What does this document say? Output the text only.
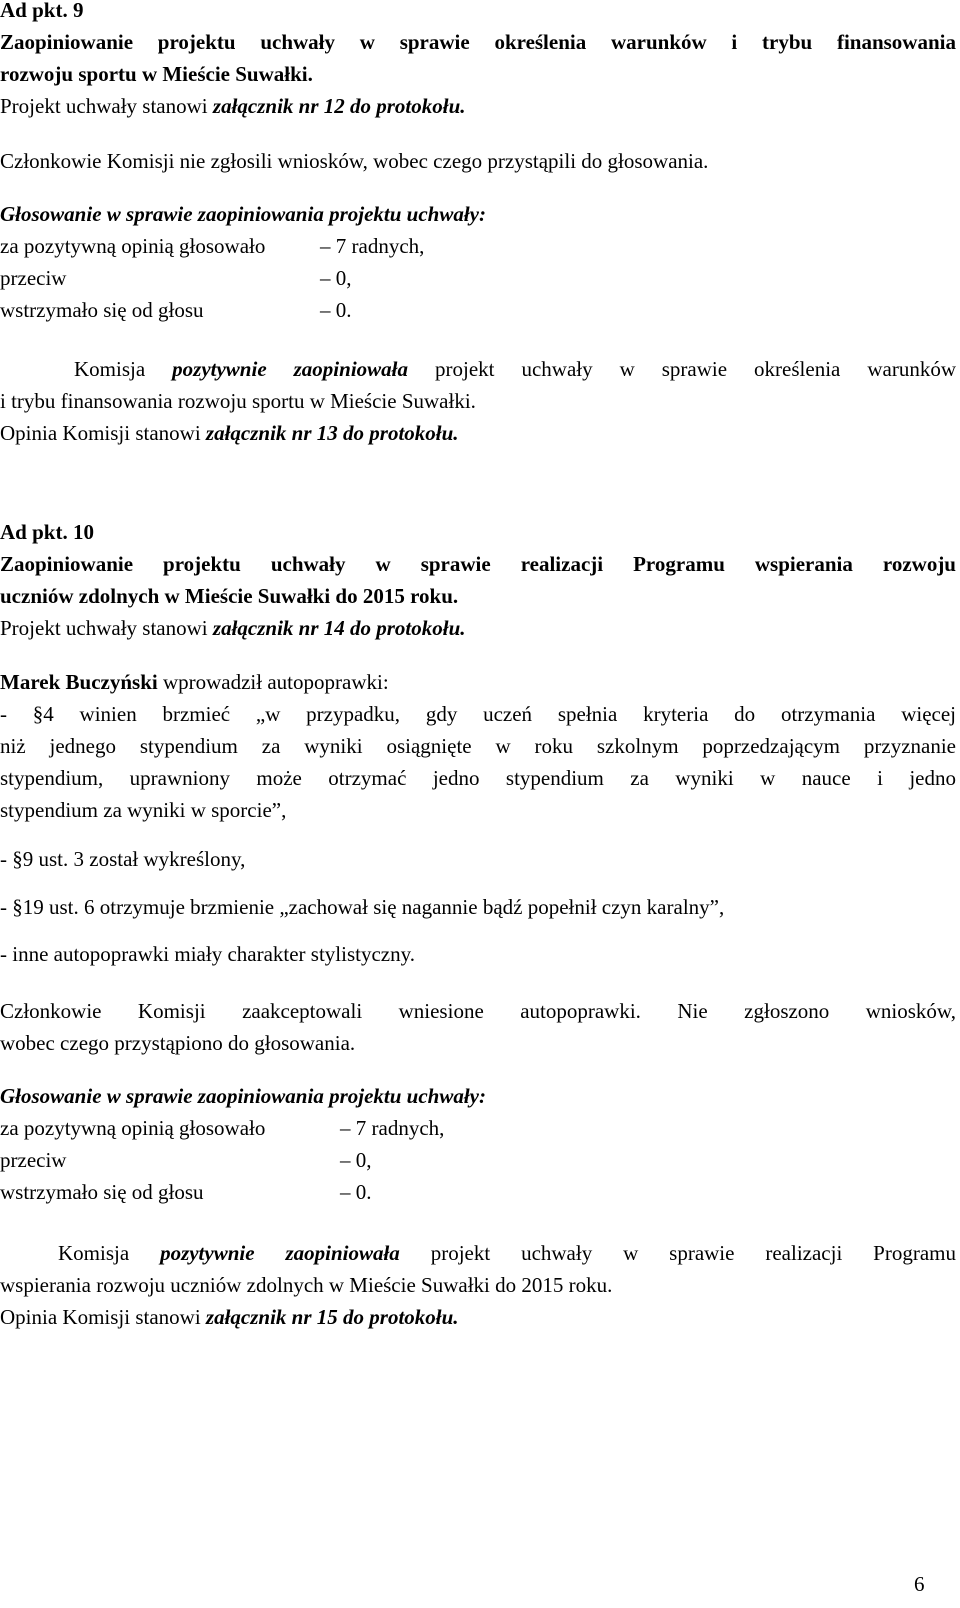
Ad pkt. 9
Zaopiniowanie projektu uchwały w sprawie określenia warunków i trybu finansowania
rozwoju sportu w Mieście Suwałki.
Projekt uchwały stanowi załącznik nr 12 do protokołu.
Członkowie Komisji nie zgłosili wniosków, wobec czego przystąpili do głosowania.
Głosowanie w sprawie zaopiniowania projektu uchwały:
za pozytywną opinią głosowało	– 7 radnych,
przeciw	– 0,
wstrzymało się od głosu	– 0.
Komisja pozytywnie zaopiniowała projekt uchwały w sprawie określenia warunków
i trybu finansowania rozwoju sportu w Mieście Suwałki.
Opinia Komisji stanowi załącznik nr 13 do protokołu.
Ad pkt. 10
Zaopiniowanie projektu uchwały w sprawie realizacji Programu wspierania rozwoju
uczniów zdolnych w Mieście Suwałki do 2015 roku.
Projekt uchwały stanowi załącznik nr 14 do protokołu.
Marek Buczyński wprowadził autopoprawki:
- §4 winien brzmieć „w przypadku, gdy uczeń spełnia kryteria do otrzymania więcej
niż jednego stypendium za wyniki osiągnięte w roku szkolnym poprzedzającym przyznanie
stypendium, uprawniony może otrzymać jedno stypendium za wyniki w nauce i jedno
stypendium za wyniki w sporcie”,
- §9 ust. 3 został wykreślony,
- §19 ust. 6 otrzymuje brzmienie „zachował się nagannie bądź popełnił czyn karalny”,
- inne autopoprawki miały charakter stylistyczny.
Członkowie Komisji zaakceptowali wniesione autopoprawki. Nie zgłoszono wniosków,
wobec czego przystąpiono do głosowania.
Głosowanie w sprawie zaopiniowania projektu uchwały:
za pozytywną opinią głosowało	– 7 radnych,
przeciw	– 0,
wstrzymało się od głosu	– 0.
Komisja pozytywnie zaopiniowała projekt uchwały w sprawie realizacji Programu
wspierania rozwoju uczniów zdolnych w Mieście Suwałki do 2015 roku.
Opinia Komisji stanowi załącznik nr 15 do protokołu.
6
